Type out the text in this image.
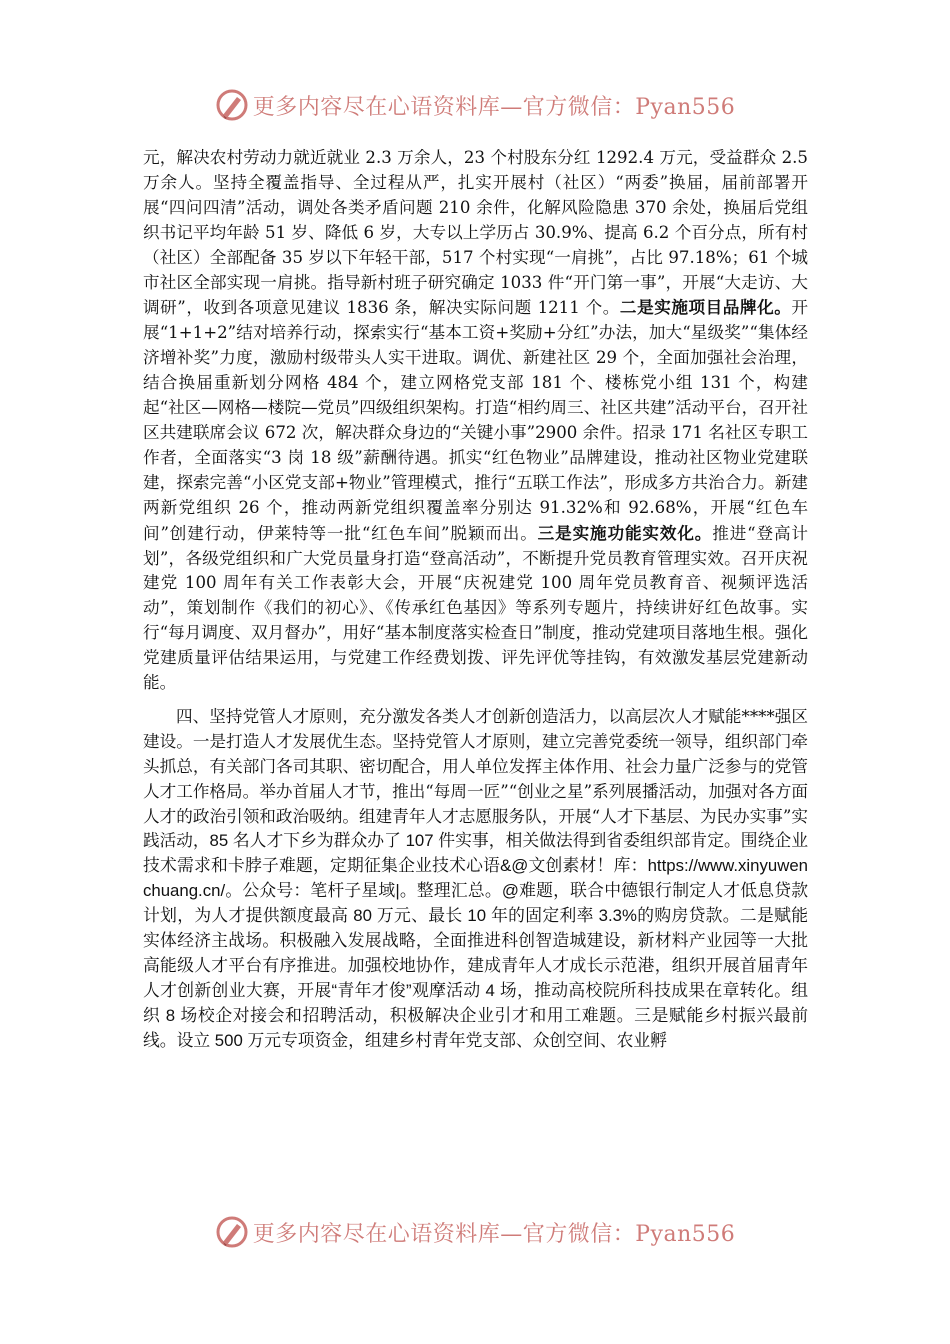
更多内容尽在心语资料库—官方微信：Pyan556

元，解决农村劳动力就近就业 2.3 万余人，23 个村股东分红 1292.4 万元，受益群众 2.5 万余人。坚持全覆盖指导、全过程从严，扎实开展村（社区）“两委”换届，届前部署开展“四问四清”活动，调处各类矛盾问题 210 余件，化解风险隐患 370 余处，换届后党组织书记平均年龄 51 岁、降低 6 岁，大专以上学历占 30.9%、提高 6.2 个百分点，所有村（社区）全部配备 35 岁以下年轻干部，517 个村实现“一肩挑”，占比 97.18%；61 个城市社区全部实现一肩挑。指导新村班子研究确定 1033 件“开门第一事”，开展“大走访、大调研”，收到各项意见建议 1836 条，解决实际问题 1211 个。二是实施项目品牌化。开展“1+1+2”结对培养行动，探索实行“基本工资+奖励+分红”办法，加大“星级奖”“集体经济增补奖”力度，激励村级带头人实干进取。调优、新建社区 29 个，全面加强社会治理，结合换届重新划分网格 484 个，建立网格党支部 181 个、楼栋党小组 131 个，构建起“社区—网格—楼院—党员”四级组织架构。打造“相约周三、社区共建”活动平台，召开社区共建联席会议 672 次，解决群众身边的“关键小事”2900 余件。招录 171 名社区专职工作者，全面落实“3 岗 18 级”薪酬待遇。抓实“红色物业”品牌建设，推动社区物业党建联建，探索完善“小区党支部+物业”管理模式，推行“五联工作法”，形成多方共治合力。新建两新党组织 26 个，推动两新党组织覆盖率分别达 91.32%和 92.68%，开展“红色车间”创建行动，伊莱特等一批“红色车间”脱颖而出。三是实施功能实效化。推进“登高计划”，各级党组织和广大党员量身打造“登高活动”，不断提升党员教育管理实效。召开庆祝建党 100 周年有关工作表彰大会，开展“庆祝建党 100 周年党员教育音、视频评选活动”，策划制作《我们的初心》、《传承红色基因》等系列专题片，持续讲好红色故事。实行“每月调度、双月督办”，用好“基本制度落实检查日”制度，推动党建项目落地生根。强化党建质量评估结果运用，与党建工作经费划拨、评先评优等挂钩，有效激发基层党建新动能。

四、坚持党管人才原则，充分激发各类人才创新创造活力，以高层次人才赋能****强区建设。一是打造人才发展优生态。坚持党管人才原则，建立完善党委统一领导，组织部门牵头抓总，有关部门各司其职、密切配合，用人单位发挥主体作用、社会力量广泛参与的党管人才工作格局。举办首届人才节，推出“每周一匠”“创业之星”系列展播活动，加强对各方面人才的政治引领和政治吸纳。组建青年人才志愿服务队，开展“人才下基层、为民办实事”实践活动，85 名人才下乡为群众办了 107 件实事，相关做法得到省委组织部肯定。围绕企业技术需求和卡脖子难题，定期征集企业技术心语&@文创素材！库：https://www.xinyuwenchuang.cn/。公众号：笔杆子星域|。整理汇总。@难题，联合中德银行制定人才低息贷款计划，为人才提供额度最高 80 万元、最长 10 年的固定利率 3.3%的购房贷款。二是赋能实体经济主战场。积极融入发展战略，全面推进科创智造城建设，新材料产业园等一大批高能级人才平台有序推进。加强校地协作，建成青年人才成长示范港，组织开展首届青年人才创新创业大赛，开展“青年才俊”观摩活动 4 场，推动高校院所科技成果在章转化。组织 8 场校企对接会和招聘活动，积极解决企业引才和用工难题。三是赋能乡村振兴最前线。设立 500 万元专项资金，组建乡村青年党支部、众创空间、农业孵

更多内容尽在心语资料库—官方微信：Pyan556
